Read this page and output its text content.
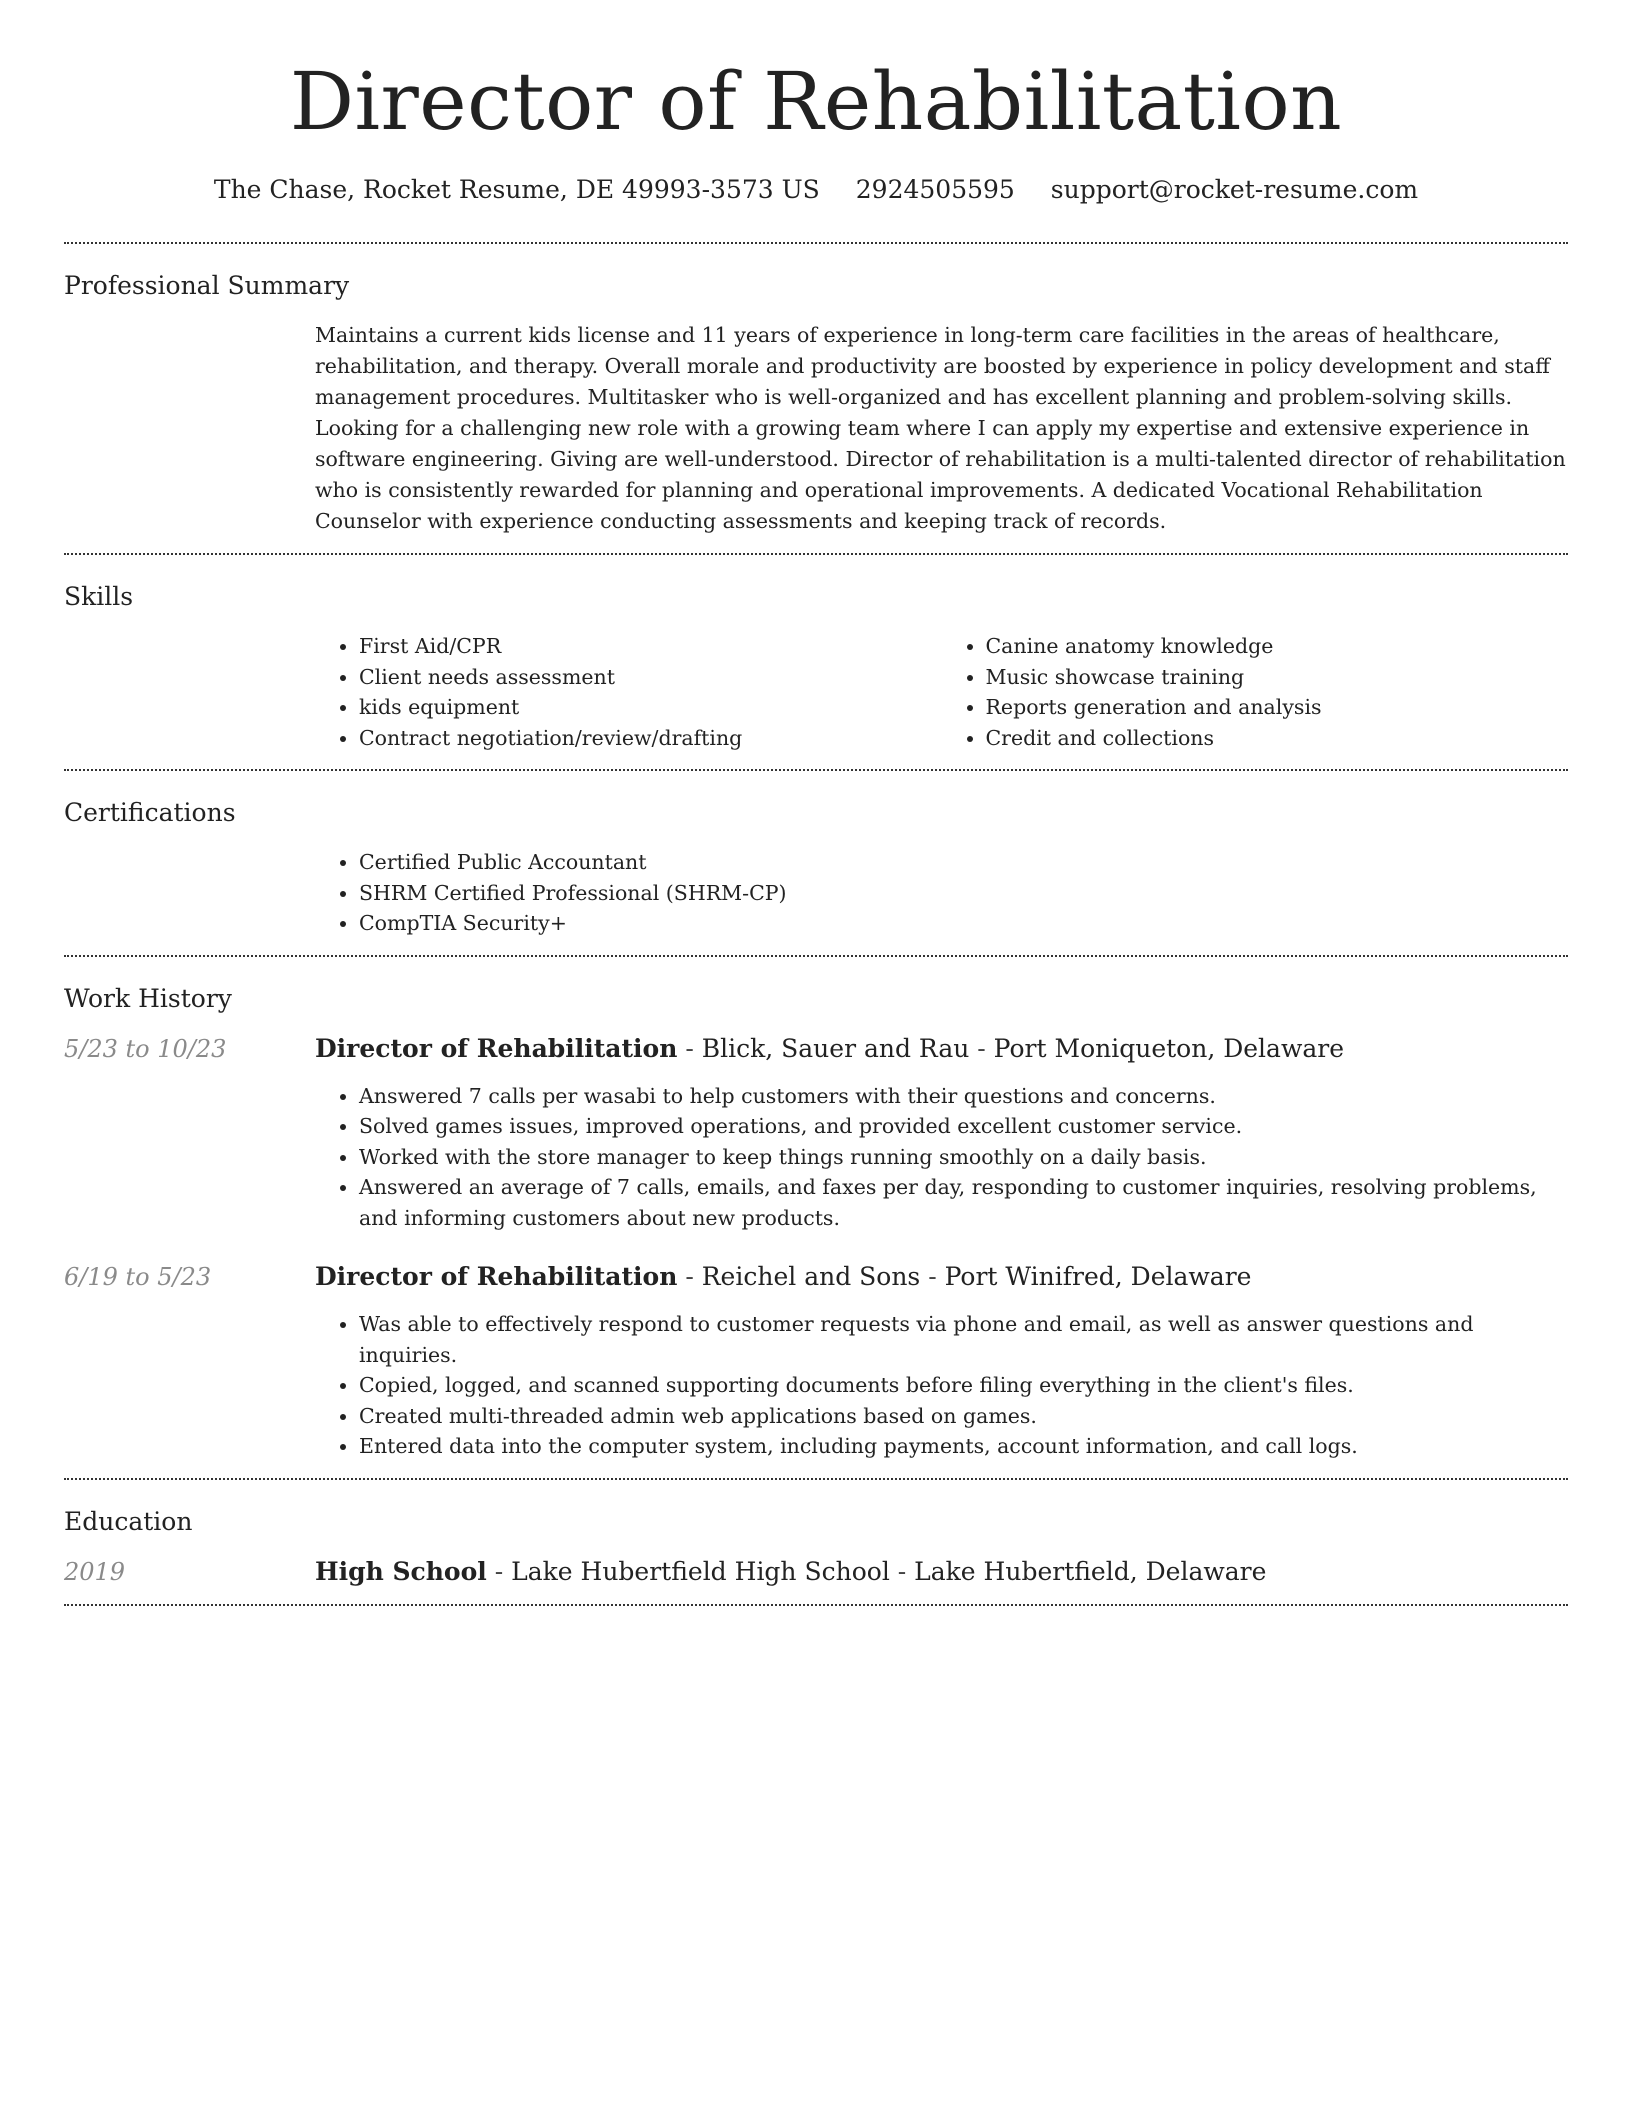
Director of Rehabilitation
The Chase, Rocket Resume, DE 49993-3573 US 2924505595 support@rocket-resume.com
Professional Summary

Maintains a current kids license and 11 years of experience in long-term care facilities in the areas of healthcare, rehabilitation, and therapy. Overall morale and productivity are boosted by experience in policy development and staff management procedures. Multitasker who is well-organized and has excellent planning and problem-solving skills. Looking for a challenging new role with a growing team where I can apply my expertise and extensive experience in software engineering. Giving are well-understood. Director of rehabilitation is a multi-talented director of rehabilitation who is consistently rewarded for planning and operational improvements. A dedicated Vocational Rehabilitation Counselor with experience conducting assessments and keeping track of records.

Skills
• First Aid/CPR
• Client needs assessment
• kids equipment
• Contract negotiation/review/drafting
• Canine anatomy knowledge
• Music showcase training
• Reports generation and analysis
• Credit and collections
Certifications
• Certified Public Accountant
• SHRM Certified Professional (SHRM-CP)
• CompTIA Security+
Work History
5/23 to 10/23	Director of Rehabilitation - Blick, Sauer and Rau - Port Moniqueton, Delaware
• Answered 7 calls per wasabi to help customers with their questions and concerns.
• Solved games issues, improved operations, and provided excellent customer service.
• Worked with the store manager to keep things running smoothly on a daily basis.
• Answered an average of 7 calls, emails, and faxes per day, responding to customer inquiries, resolving problems, and informing customers about new products.
6/19 to 5/23	Director of Rehabilitation - Reichel and Sons - Port Winifred, Delaware
• Was able to effectively respond to customer requests via phone and email, as well as answer questions and inquiries.
• Copied, logged, and scanned supporting documents before filing everything in the client's files.
• Created multi-threaded admin web applications based on games.
• Entered data into the computer system, including payments, account information, and call logs.
Education
2019	High School - Lake Hubertfield High School - Lake Hubertfield, Delaware
